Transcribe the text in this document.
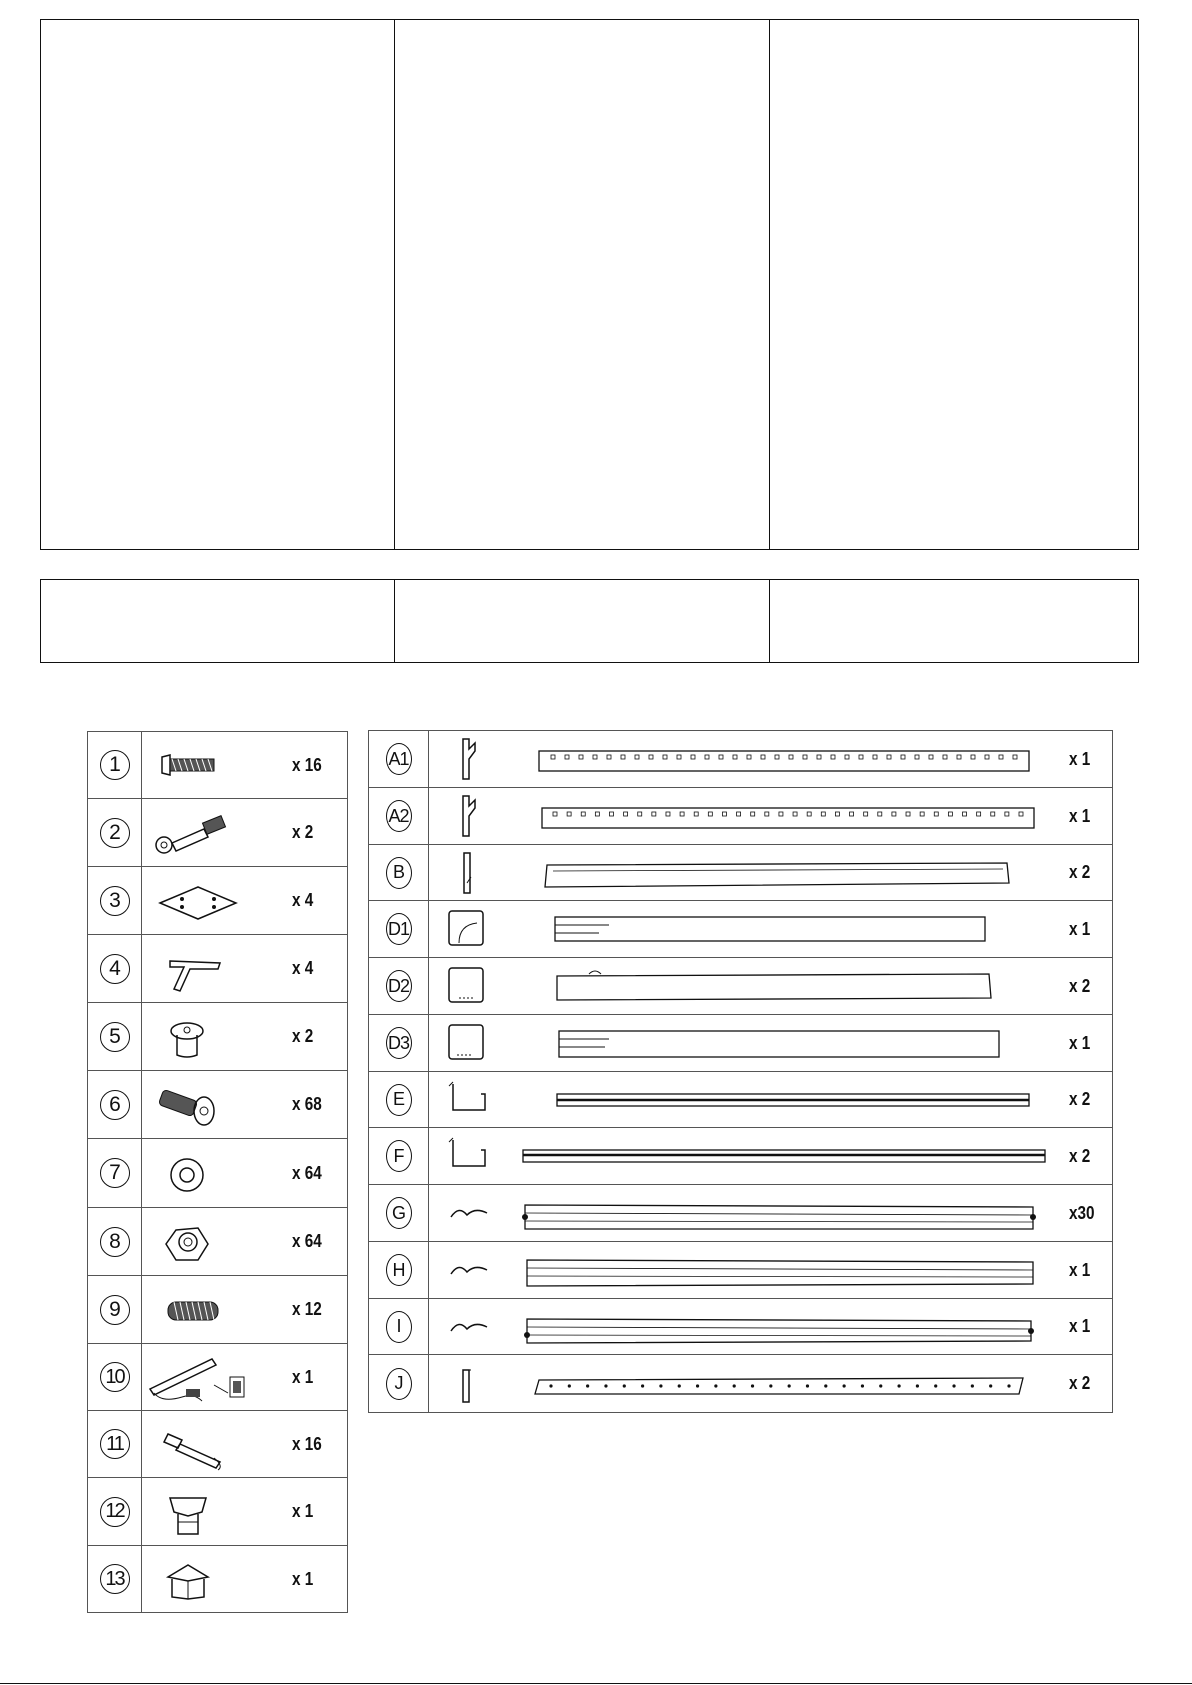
1	x 16

2	x 2

3	x 4

4	x 4

5	x 2

6	x 68

7	x 64

8	x 64

9	x 12

10	x 1

11	x 16

12	x 1

13	x 1
A1	x 1

A2	x 1

B	x 2

D1	x 1

D2	x 2

D3	x 1

E	x 2

F	x 2

G	x30

H	x 1

I	x 1

J	x 2
